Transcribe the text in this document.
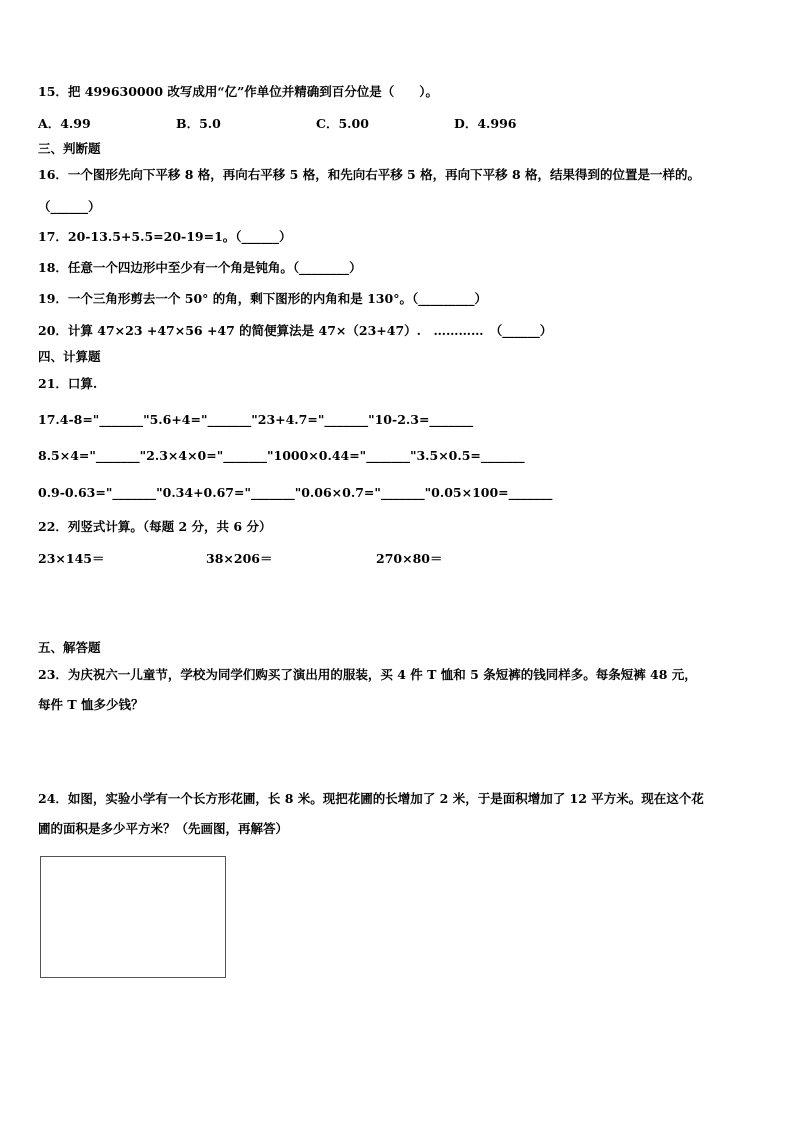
15．把 499630000 改写成用“亿”作单位并精确到百分位是（　　）。
A．4.99	B．5.0	C．5.00	D．4.996
三、判断题
16．一个图形先向下平移 8 格，再向右平移 5 格，和先向右平移 5 格，再向下平移 8 格，结果得到的位置是一样的。
（______）
17．20-13.5+5.5=20-19=1。（______）
18．任意一个四边形中至少有一个角是钝角。（________）
19．一个三角形剪去一个 50° 的角，剩下图形的内角和是 130°。（_________）
20．计算 47×23 +47×56 +47 的简便算法是 47×（23+47）.　…………　（______）
四、计算题
21．口算.
17.4-8="_______"5.6+4="_______"23+4.7="_______"10-2.3=_______
8.5×4="_______"2.3×4×0="_______"1000×0.44="_______"3.5×0.5=_______
0.9-0.63="_______"0.34+0.67="_______"0.06×0.7="_______"0.05×100=_______
22．列竖式计算。（每题 2 分，共 6 分）
23×145＝	38×206＝	270×80＝
五、解答题
23．为庆祝六一儿童节，学校为同学们购买了演出用的服装，买 4 件 T 恤和 5 条短裤的钱同样多。每条短裤 48 元，
每件 T 恤多少钱？
24．如图，实验小学有一个长方形花圃，长 8 米。现把花圃的长增加了 2 米，于是面积增加了 12 平方米。现在这个花
圃的面积是多少平方米？（先画图，再解答）
